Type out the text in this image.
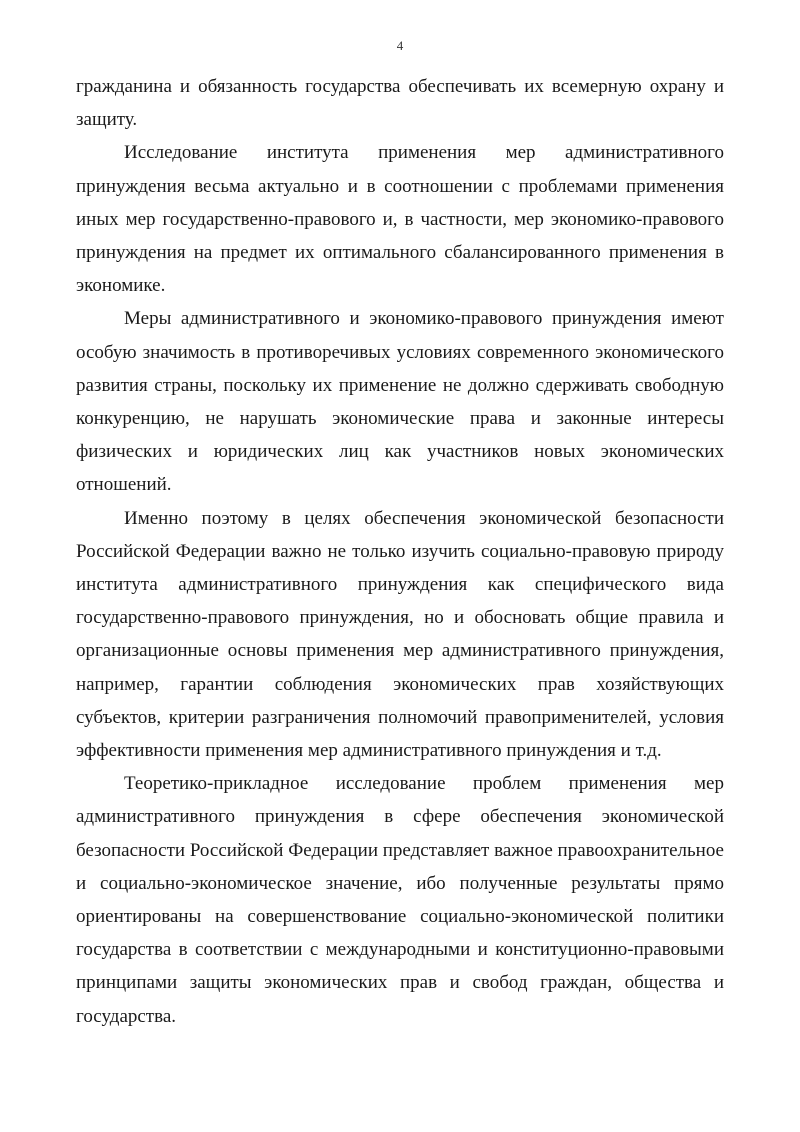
4

гражданина и обязанность государства обеспечивать их всемерную охрану и защиту.

Исследование института применения мер административного принуждения весьма актуально и в соотношении с проблемами применения иных мер государственно-правового и, в частности, мер экономико-правового принуждения на предмет их оптимального сбалансированного применения в экономике.

Меры административного и экономико-правового принуждения имеют особую значимость в противоречивых условиях современного экономического развития страны, поскольку их применение не должно сдерживать свободную конкуренцию, не нарушать экономические права и законные интересы физических и юридических лиц как участников новых экономических отношений.

Именно поэтому в целях обеспечения экономической безопасности Российской Федерации важно не только изучить социально-правовую природу института административного принуждения как специфического вида государственно-правового принуждения, но и обосновать общие правила и организационные основы применения мер административного принуждения, например, гарантии соблюдения экономических прав хозяйствующих субъектов, критерии разграничения полномочий правоприменителей, условия эффективности применения мер административного принуждения и т.д.

Теоретико-прикладное исследование проблем применения мер административного принуждения в сфере обеспечения экономической безопасности Российской Федерации представляет важное правоохранительное и социально-экономическое значение, ибо полученные результаты прямо ориентированы на совершенствование социально-экономической политики государства в соответствии с международными и конституционно-правовыми принципами защиты экономических прав и свобод граждан, общества и государства.
